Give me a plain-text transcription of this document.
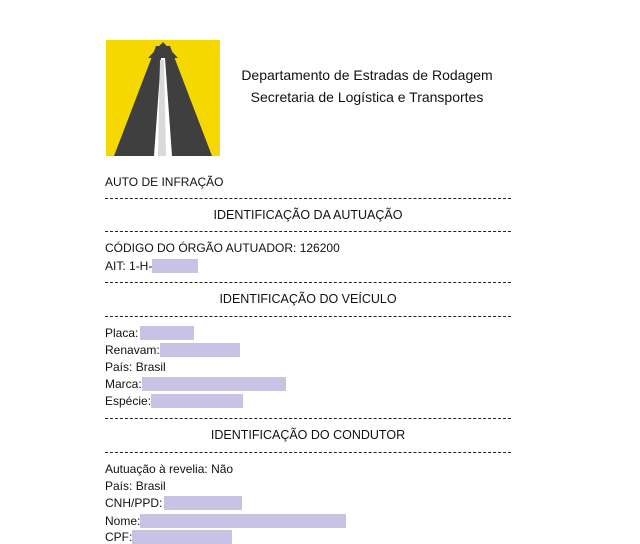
Departamento de Estradas de Rodagem
Secretaria de Logística e Transportes
AUTO DE INFRAÇÃO
IDENTIFICAÇÃO DA AUTUAÇÃO
CÓDIGO DO ÓRGÃO AUTUADOR: 126200
AIT: 1-H-
IDENTIFICAÇÃO DO VEÍCULO
Placa:
Renavam:
País: Brasil
Marca:
Espécie:
IDENTIFICAÇÃO DO CONDUTOR
Autuação à revelia: Não
País: Brasil
CNH/PPD:
Nome:
CPF:
